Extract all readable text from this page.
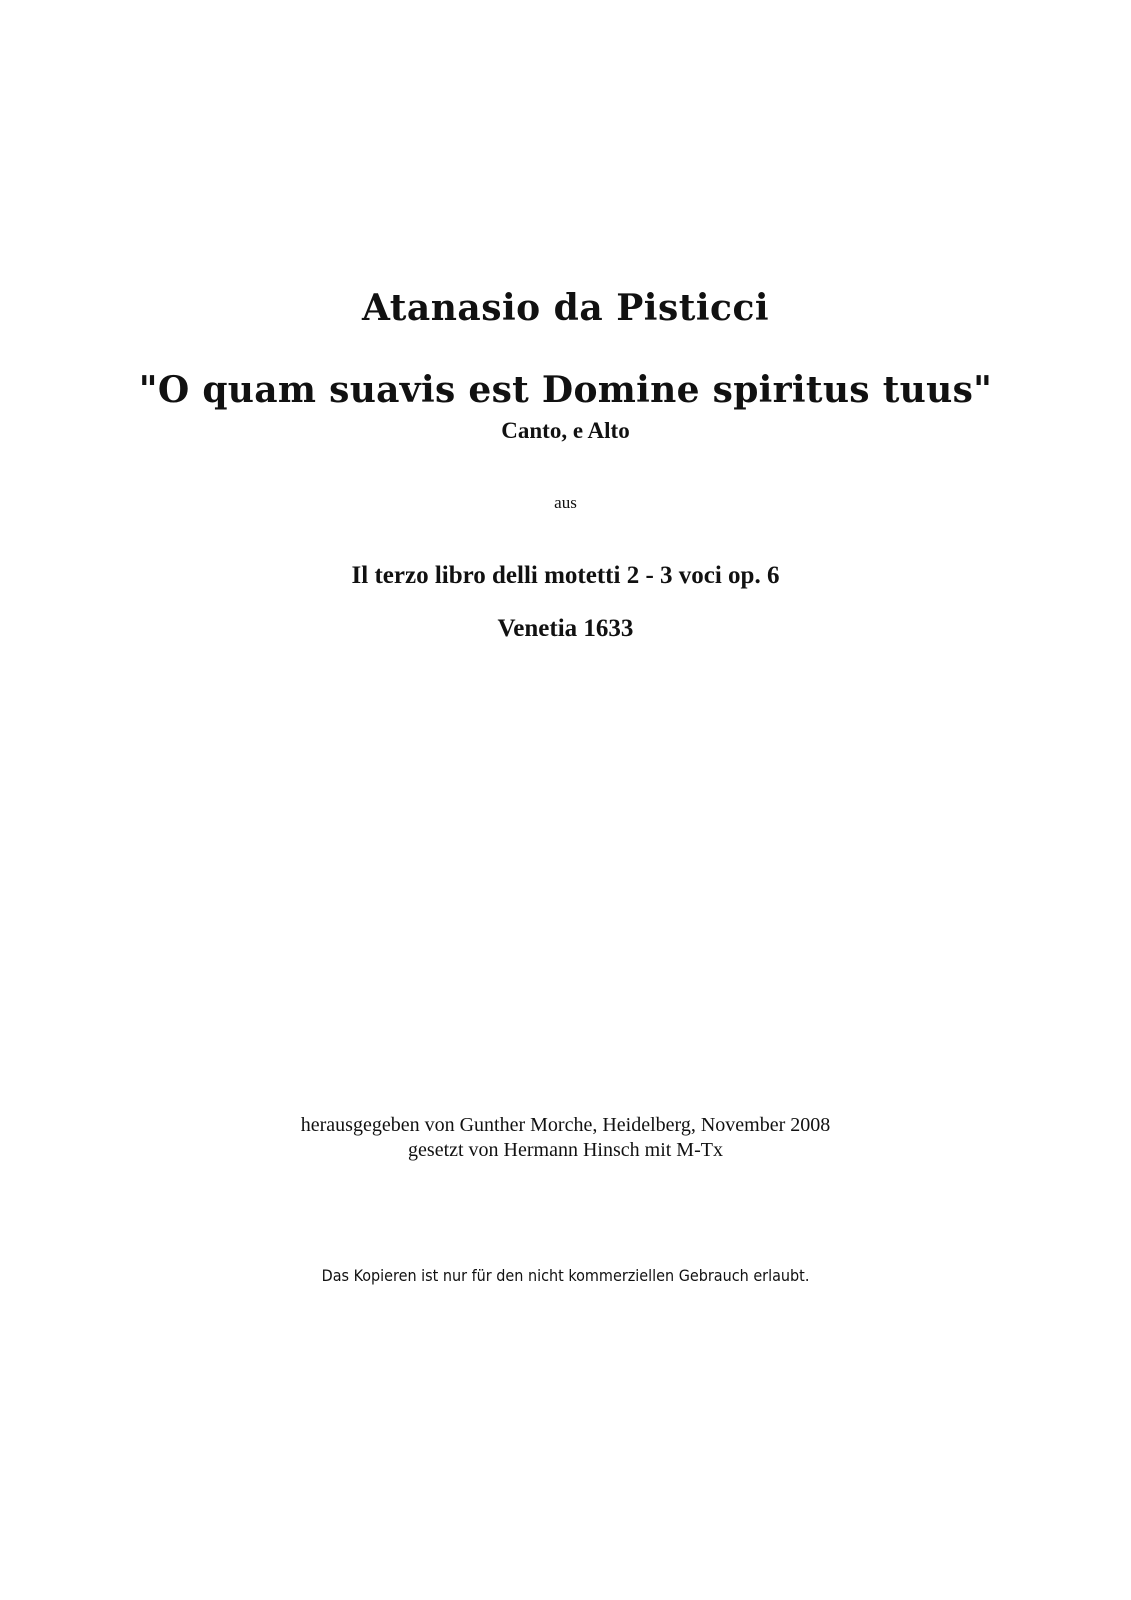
Atanasio da Pisticci
"O quam suavis est Domine spiritus tuus"
Canto, e Alto
aus
Il terzo libro delli motetti 2 - 3 voci op. 6
Venetia 1633
herausgegeben von Gunther Morche, Heidelberg, November 2008
gesetzt von Hermann Hinsch mit M-Tx
Das Kopieren ist nur für den nicht kommerziellen Gebrauch erlaubt.
